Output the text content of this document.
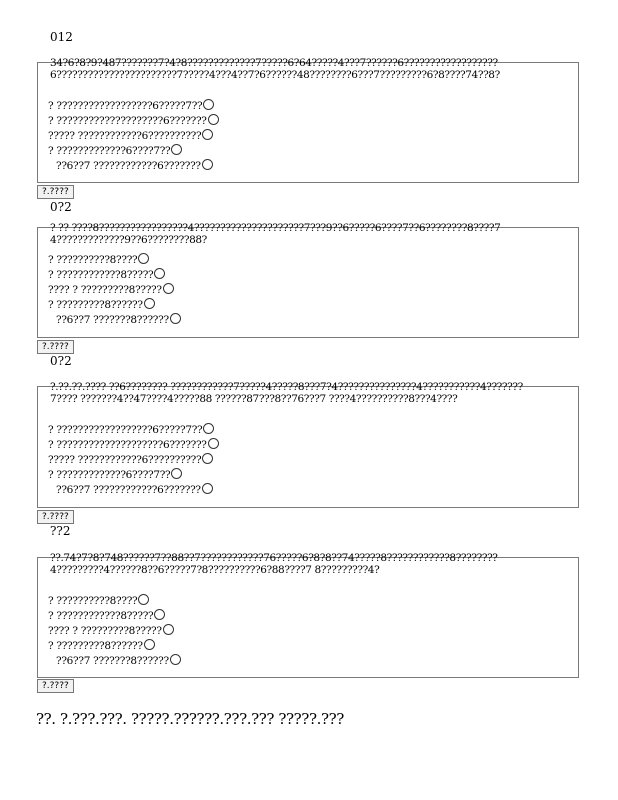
012
34?6?8?9?487???????7?4?8?????????????7?????6?64?????4???7??????6??????????????????6???????????????????????7?????4???4??7?6??????48????????6???7?????????6?8????74??8?
? ??????????????????6?????7??
? ????????????????????6???????
????? ????????????6??????????
? ?????????????6????7??
??6??7 ????????????6???????
?.????
0?2
? ?? ????8?????????????????4?????????????????????7???9??6?????6????7??6????????8????74?????????????9??6????????88?
? ??????????8????
? ????????????8?????
???? ? ?????????8?????
? ?????????8??????
??6??7 ???????8??????
?.????
0?2
?.??.??.???? ??6???????? ????????????7?????4?????8???7?4???????????????4???????????4???????7???? ???????4??47????4?????88 ??????87???8??76???7 ????4??????????8???4????
? ??????????????????6?????7??
? ????????????????????6???????
????? ????????????6??????????
? ?????????????6????7??
??6??7 ????????????6???????
?.????
??2
??.74?7?8?748??????7??88??7????????????76?????6?8?8??74?????8????????????8????????4?????????4??????8??6?????7?8??????????6?88????7 8?????????4?
? ??????????8????
? ????????????8?????
???? ? ?????????8?????
? ?????????8??????
??6??7 ???????8??????
?.????
??. ?.???.???. ?????.??????.???.??? ?????.???
